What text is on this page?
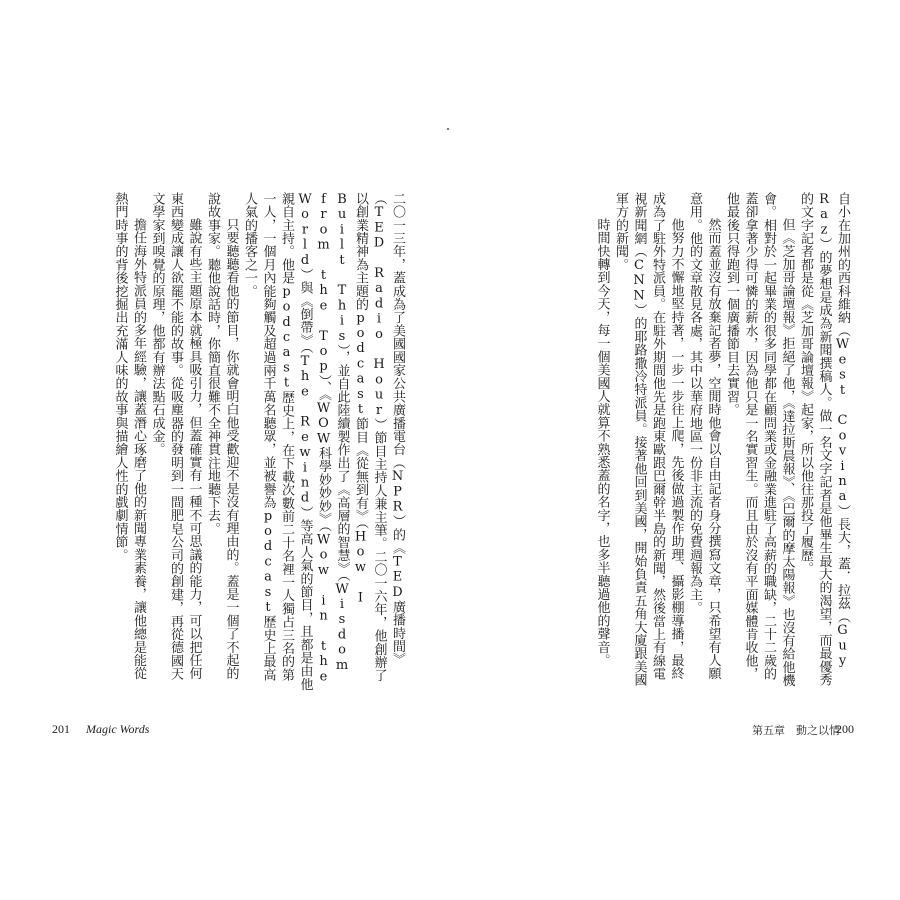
二〇一三年，蓋成為了美國國家公共廣播電台（NPR）的《TED廣播時間》（TED Radio Hour）節目主持人兼主筆。二〇一六年，他創辦了以創業精神為主題的podcast節目《從無到有》（How I Built This），並自此陸續製作出了《高層的智慧》（Wisdom from the Top）、《WOW科學妙妙妙》（Wow in the World）與《倒帶》（The Rewind）等高人氣的節目，且都是由他親自主持。他是podcast歷史上，在下載次數前二十名裡一人獨占三名的第一人，一個月內能夠觸及超過兩千萬名聽眾，並被譽為podcast歷史上最高人氣的播客之一。

只要聽聽看他的節目，你就會明白他受歡迎不是沒有理由的。蓋是一個了不起的說故事家。聽他說話時，你簡直很難不全神貫注地聽下去。

雖說有些主題原本就極具吸引力，但蓋確實有一種不可思議的能力，可以把任何東西變成讓人欲罷不能的故事。從吸塵器的發明到一間肥皂公司的創建，再從德國天文學家到嗅覺的原理，他都有辦法點石成金。

擔任海外特派員的多年經驗，讓蓋潛心琢磨了他的新聞專業素養，讓他總是能從熱門時事的背後挖掘出充滿人味的故事與描繪人性的戲劇情節。

201 Magic Words

自小在加州的西科維納（West Covina）長大，蓋．拉茲（Guy Raz）的夢想是成為新聞撰稿人。做一名文字記者是他畢生最大的渴望，而最優秀的文字記者都是從《芝加哥論壇報》起家，所以他往那投了履歷。

但《芝加哥論壇報》拒絕了他，《達拉斯晨報》、《巴爾的摩太陽報》也沒有給他機會。相對於一起畢業的很多同學都在顧問業或金融業進駐了高薪的職缺，二十二歲的蓋卻拿著少得可憐的薪水，因為他只是一名實習生。而且由於沒有平面媒體肯收他，他最後只得跑到一個廣播節目去實習。

然而蓋並沒有放棄記者夢，空閒時他會以自由記者身分撰寫文章，只希望有人願意用。他的文章散見各處，其中以華府地區一份非主流的免費週報為主。

他努力不懈地堅持著，一步一步往上爬，先後做過製作助理、攝影棚導播，最終成為了駐外特派員。在駐外期間他先是跑東歐跟巴爾幹半島的新聞，然後當上有線電視新聞網（CNN）的耶路撒冷特派員。接著他回到美國，開始負責五角大廈跟美國軍方的新聞。

時間快轉到今天，每一個美國人就算不熟悉蓋的名字，也多半聽過他的聲音。

第五章　動之以情
200
